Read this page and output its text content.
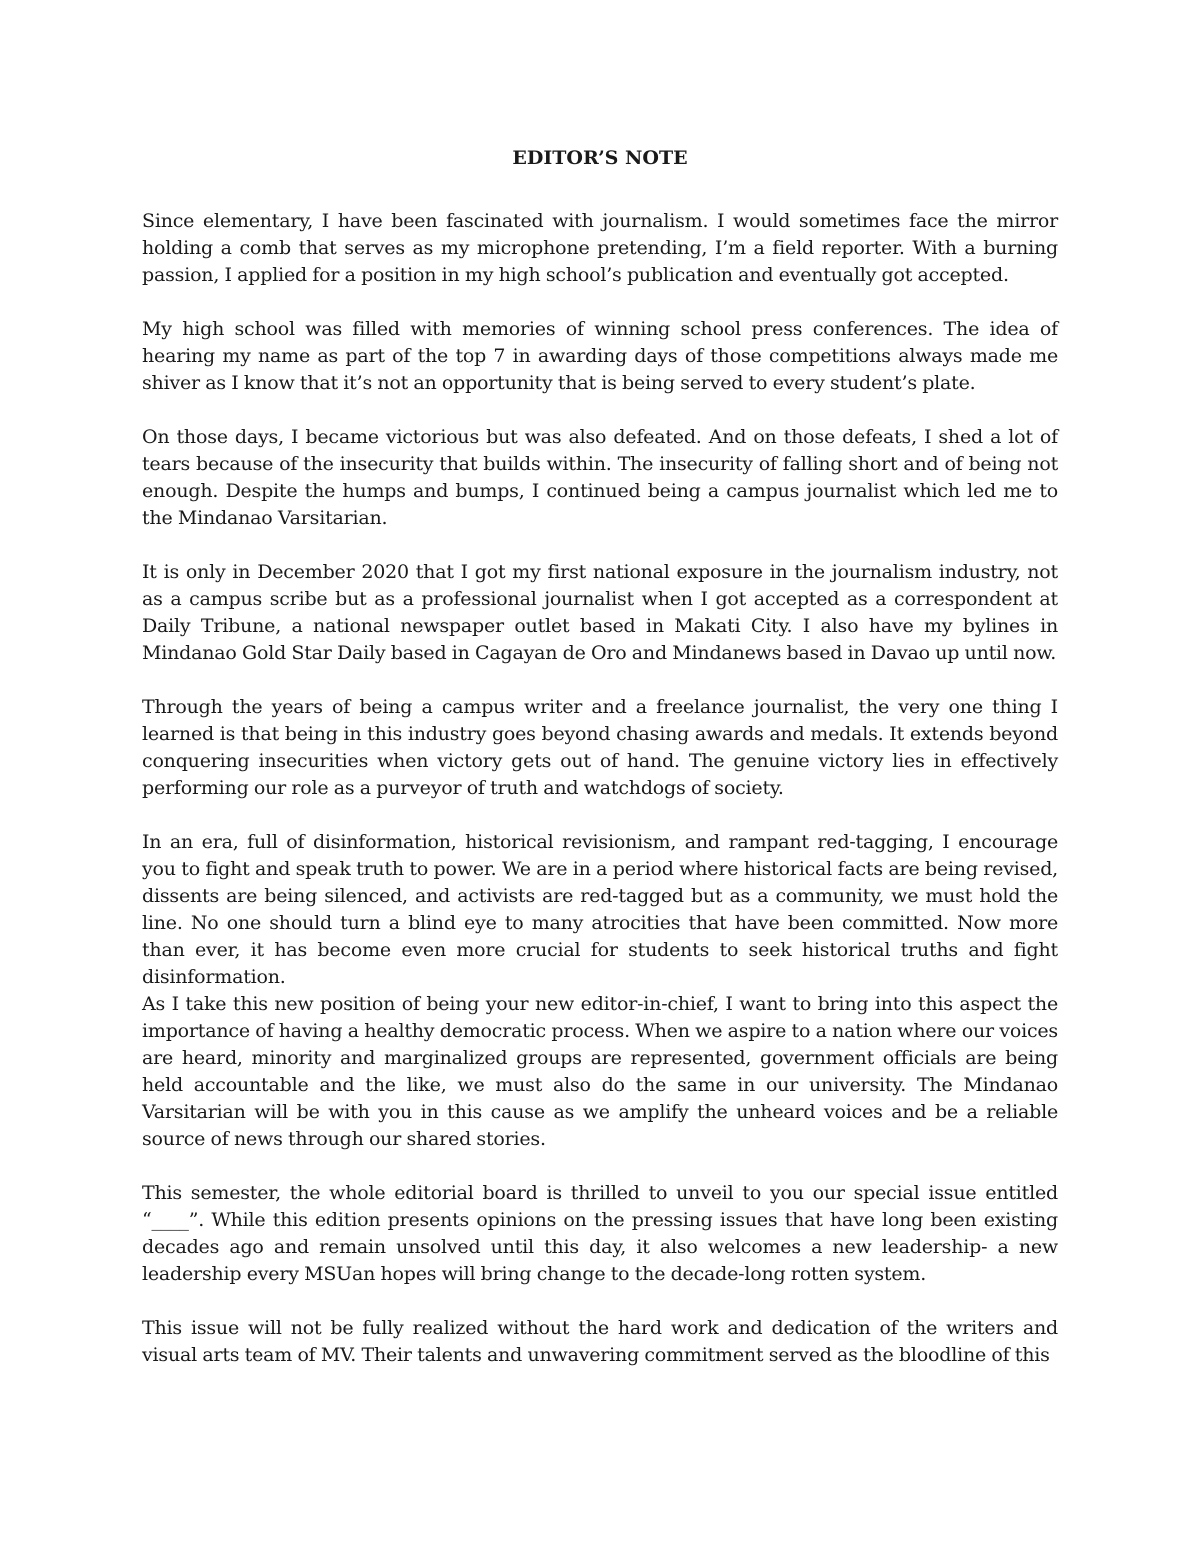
EDITOR’S NOTE

Since elementary, I have been fascinated with journalism. I would sometimes face the mirror holding a comb that serves as my microphone pretending, I’m a field reporter. With a burning passion, I applied for a position in my high school’s publication and eventually got accepted.

My high school was filled with memories of winning school press conferences. The idea of hearing my name as part of the top 7 in awarding days of those competitions always made me shiver as I know that it’s not an opportunity that is being served to every student’s plate.

On those days, I became victorious but was also defeated. And on those defeats, I shed a lot of tears because of the insecurity that builds within. The insecurity of falling short and of being not enough. Despite the humps and bumps, I continued being a campus journalist which led me to the Mindanao Varsitarian.

It is only in December 2020 that I got my first national exposure in the journalism industry, not as a campus scribe but as a professional journalist when I got accepted as a correspondent at Daily Tribune, a national newspaper outlet based in Makati City. I also have my bylines in Mindanao Gold Star Daily based in Cagayan de Oro and Mindanews based in Davao up until now.

Through the years of being a campus writer and a freelance journalist, the very one thing I learned is that being in this industry goes beyond chasing awards and medals. It extends beyond conquering insecurities when victory gets out of hand. The genuine victory lies in effectively performing our role as a purveyor of truth and watchdogs of society.

In an era, full of disinformation, historical revisionism, and rampant red-tagging, I encourage you to fight and speak truth to power. We are in a period where historical facts are being revised, dissents are being silenced, and activists are red-tagged but as a community, we must hold the line. No one should turn a blind eye to many atrocities that have been committed. Now more than ever, it has become even more crucial for students to seek historical truths and fight disinformation.

As I take this new position of being your new editor-in-chief, I want to bring into this aspect the importance of having a healthy democratic process. When we aspire to a nation where our voices are heard, minority and marginalized groups are represented, government officials are being held accountable and the like, we must also do the same in our university. The Mindanao Varsitarian will be with you in this cause as we amplify the unheard voices and be a reliable source of news through our shared stories.

This semester, the whole editorial board is thrilled to unveil to you our special issue entitled “____”. While this edition presents opinions on the pressing issues that have long been existing decades ago and remain unsolved until this day, it also welcomes a new leadership- a new leadership every MSUan hopes will bring change to the decade-long rotten system.

This issue will not be fully realized without the hard work and dedication of the writers and visual arts team of MV. Their talents and unwavering commitment served as the bloodline of this
